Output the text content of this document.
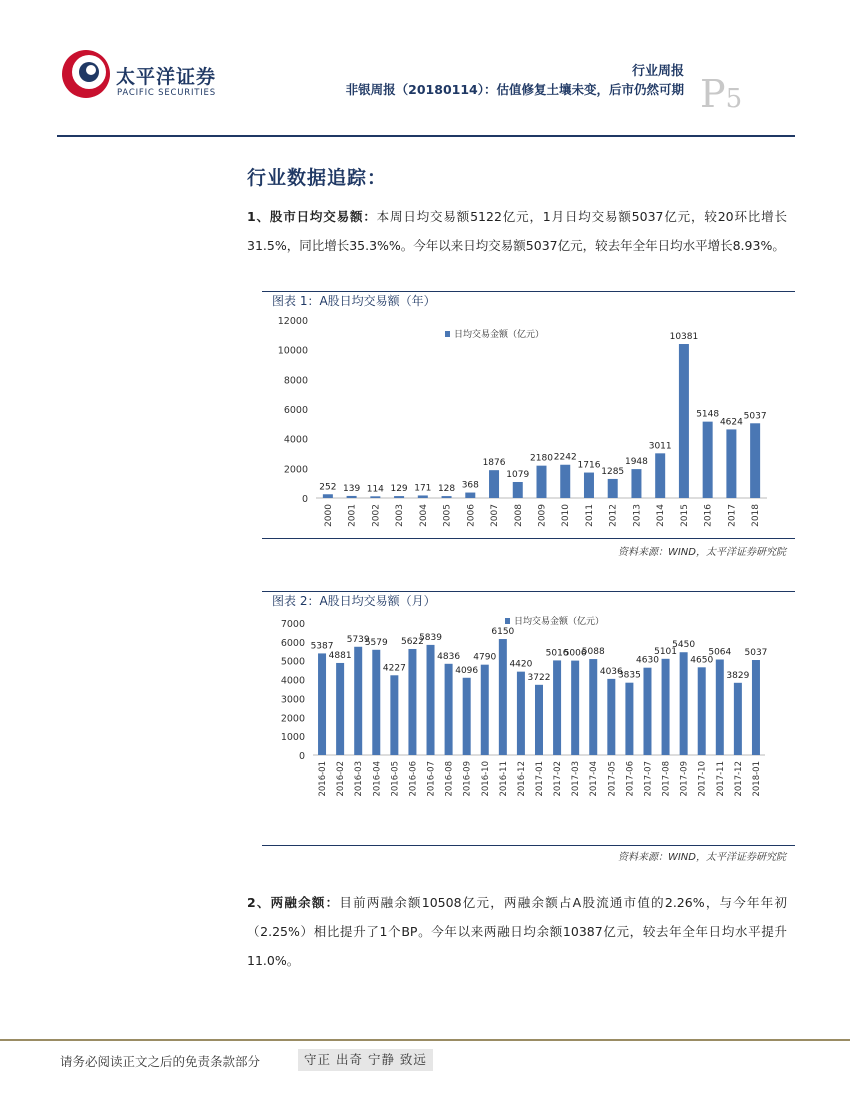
太平洋证券
PACIFIC SECURITIES
行业周报
非银周报（20180114）：估值修复土壤未变，后市仍然可期 P5
行业数据追踪：
1、股市日均交易额：本周日均交易额5122亿元，1月日均交易额5037亿元，较20环比增长31.5%，同比增长35.3%%。今年以来日均交易额5037亿元，较去年全年日均水平增长8.93%。
图表 1：A股日均交易额（年）
0
2000
4000
6000
8000
10000
12000
日均交易金额（亿元）
252
2000
139
2001
114
2002
129
2003
171
2004
128
2005
368
2006
1876
2007
1079
2008
2180
2009
2242
2010
1716
2011
1285
2012
1948
2013
3011
2014
10381
2015
5148
2016
4624
2017
5037
2018
资料来源：WIND，太平洋证券研究院
图表 2：A股日均交易额（月）
0
1000
2000
3000
4000
5000
6000
7000	日均交易金额（亿元）
5387
2016-01
4881
2016-02
5739
2016-03
5579
2016-04
4227
2016-05
5622
2016-06
5839
2016-07
4836
2016-08
4096
2016-09
4790
2016-10
6150
2016-11
4420
2016-12
3722
2017-01
5016
2017-02
5006
2017-03
5088
2017-04
4036
2017-05
3835
2017-06
4630
2017-07
5101
2017-08
5450
2017-09
4650
2017-10
5064
2017-11
3829
2017-12
5037
2018-01
资料来源：WIND，太平洋证券研究院
2、两融余额：目前两融余额10508亿元，两融余额占A股流通市值的2.26%，与今年年初（2.25%）相比提升了1个BP。今年以来两融日均余额10387亿元，较去年全年日均水平提升11.0%。
请务必阅读正文之后的免责条款部分	守正 出奇 宁静 致远
